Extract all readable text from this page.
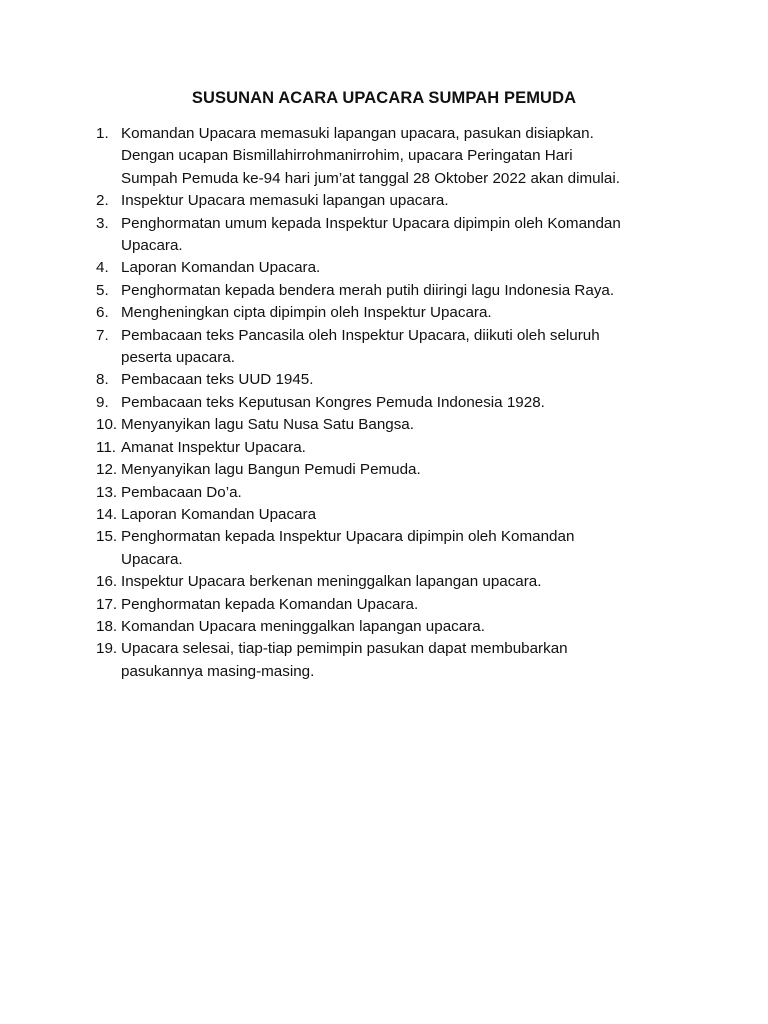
SUSUNAN ACARA UPACARA SUMPAH PEMUDA
1. Komandan Upacara memasuki lapangan upacara, pasukan disiapkan.
Dengan ucapan Bismillahirrohmanirrohim, upacara Peringatan Hari
Sumpah Pemuda ke-94 hari jum’at tanggal 28 Oktober 2022 akan dimulai.
2. Inspektur Upacara memasuki lapangan upacara.
3. Penghormatan umum kepada Inspektur Upacara dipimpin oleh Komandan
Upacara.
4. Laporan Komandan Upacara.
5. Penghormatan kepada bendera merah putih diiringi lagu Indonesia Raya.
6. Mengheningkan cipta dipimpin oleh Inspektur Upacara.
7. Pembacaan teks Pancasila oleh Inspektur Upacara, diikuti oleh seluruh
peserta upacara.
8. Pembacaan teks UUD 1945.
9. Pembacaan teks Keputusan Kongres Pemuda Indonesia 1928.
10. Menyanyikan lagu Satu Nusa Satu Bangsa.
11. Amanat Inspektur Upacara.
12. Menyanyikan lagu Bangun Pemudi Pemuda.
13. Pembacaan Do’a.
14. Laporan Komandan Upacara
15. Penghormatan kepada Inspektur Upacara dipimpin oleh Komandan
Upacara.
16. Inspektur Upacara berkenan meninggalkan lapangan upacara.
17. Penghormatan kepada Komandan Upacara.
18. Komandan Upacara meninggalkan lapangan upacara.
19. Upacara selesai, tiap-tiap pemimpin pasukan dapat membubarkan
pasukannya masing-masing.
